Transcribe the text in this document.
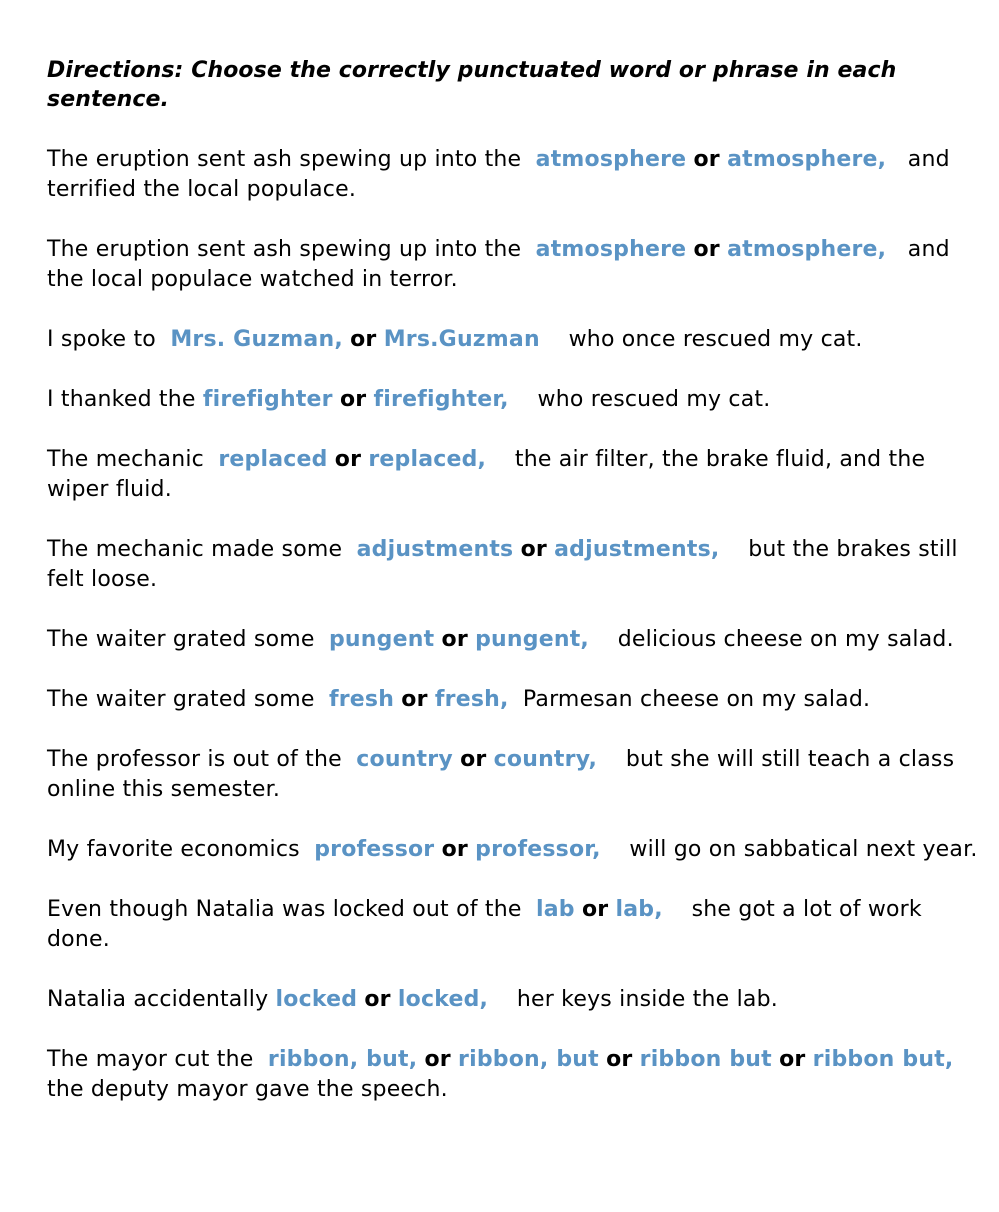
Directions: Choose the correctly punctuated word or phrase in each sentence.

The eruption sent ash spewing up into the  atmosphere or atmosphere,   and terrified the local populace.

The eruption sent ash spewing up into the  atmosphere or atmosphere,   and the local populace watched in terror.

I spoke to  Mrs. Guzman, or Mrs.Guzman    who once rescued my cat.

I thanked the firefighter or firefighter,    who rescued my cat.

The mechanic  replaced or replaced,    the air filter, the brake fluid, and the wiper fluid.

The mechanic made some  adjustments or adjustments,    but the brakes still felt loose.

The waiter grated some  pungent or pungent,    delicious cheese on my salad.

The waiter grated some  fresh or fresh,  Parmesan cheese on my salad.

The professor is out of the  country or country,    but she will still teach a class online this semester.

My favorite economics  professor or professor,    will go on sabbatical next year.

Even though Natalia was locked out of the  lab or lab,    she got a lot of work done.

Natalia accidentally locked or locked,    her keys inside the lab.

The mayor cut the  ribbon, but, or ribbon, but or ribbon but or ribbon but,    the deputy mayor gave the speech.
